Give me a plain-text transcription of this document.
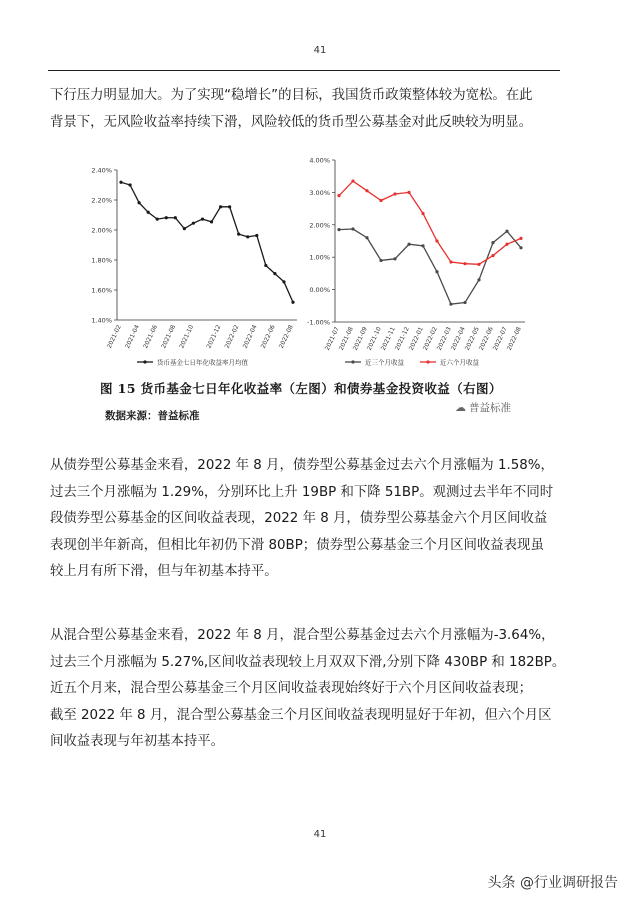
41
下行压力明显加大。为了实现“稳增长”的目标，我国货币政策整体较为宽松。在此
背景下，无风险收益率持续下滑，风险较低的货币型公募基金对此反映较为明显。
1.40%
1.60%
1.80%
2.00%
2.20%
2.40%
2021-02 2021-04 2021-06 2021-08 2021-10 2021-12 2022-02 2022-04 2022-06 2022-08
货币基金七日年化收益率月均值
-1.00%
0.00%
1.00%
2.00%
3.00%
4.00%
2021-07
2021-08
2021-09
2021-10
2021-11
2021-12
2022-01
2022-02
2022-03
2022-04
2022-05
2022-06
2022-07
2022-08
近三个月收益	近六个月收益
图 15 货币基金七日年化收益率（左图）和债券基金投资收益（右图）
数据来源：普益标准
☁ 普益标准
从债券型公募基金来看，2022 年 8 月，债券型公募基金过去六个月涨幅为 1.58%，
过去三个月涨幅为 1.29%，分别环比上升 19BP 和下降 51BP。观测过去半年不同时
段债券型公募基金的区间收益表现，2022 年 8 月，债券型公募基金六个月区间收益
表现创半年新高，但相比年初仍下滑 80BP；债券型公募基金三个月区间收益表现虽
较上月有所下滑，但与年初基本持平。
从混合型公募基金来看，2022 年 8 月，混合型公募基金过去六个月涨幅为-3.64%，
过去三个月涨幅为 5.27%,区间收益表现较上月双双下滑,分别下降 430BP 和 182BP。
近五个月来，混合型公募基金三个月区间收益表现始终好于六个月区间收益表现；
截至 2022 年 8 月，混合型公募基金三个月区间收益表现明显好于年初，但六个月区
间收益表现与年初基本持平。
41
头条 @行业调研报告
